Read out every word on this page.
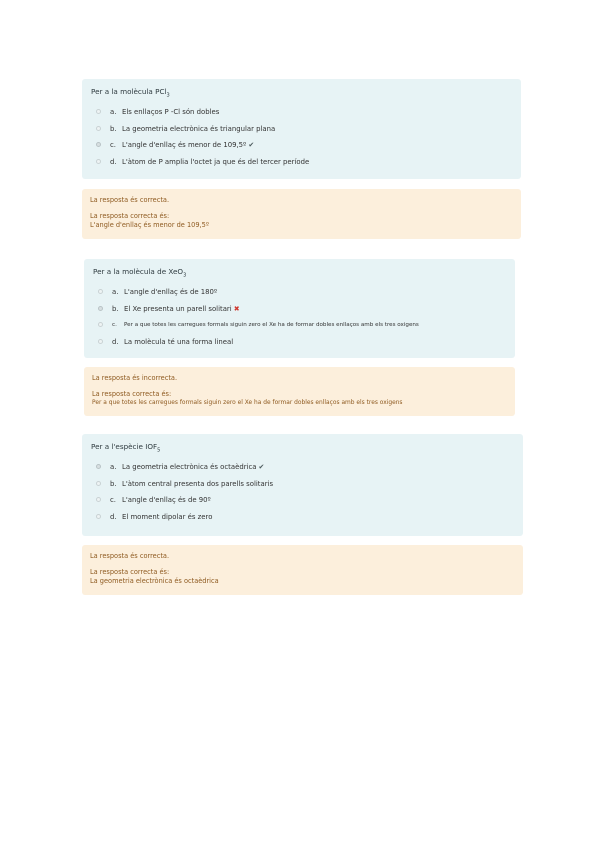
Per a la molècula PCl$_3$

a. Els enllaços P -Cl són dobles
b. La geometria electrònica és triangular plana
c. L'angle d'enllaç és menor de 109,5º ✔
d. L'àtom de P amplia l'octet ja que és del tercer període
La resposta és correcta.
La resposta correcta és:
L'angle d'enllaç és menor de 109,5º

Per a la molècula de XeO$_3$

a. L'angle d'enllaç és de 180º
b. El Xe presenta un parell solitari ✖
c. Per a que totes les carregues formals siguin zero el Xe ha de formar dobles enllaços amb els tres oxigens
d. La molècula té una forma lineal
La resposta és incorrecta.
La resposta correcta és:
Per a que totes les carregues formals siguin zero el Xe ha de formar dobles enllaços amb els tres oxigens

Per a l'espècie $IOF_5$

a. La geometria electrònica és octaèdrica ✔
b. L'àtom central presenta dos parells solitaris
c. L'angle d'enllaç és de 90º
d. El moment dipolar és zero
La resposta és correcta.
La resposta correcta és:
La geometria electrònica és octaèdrica
